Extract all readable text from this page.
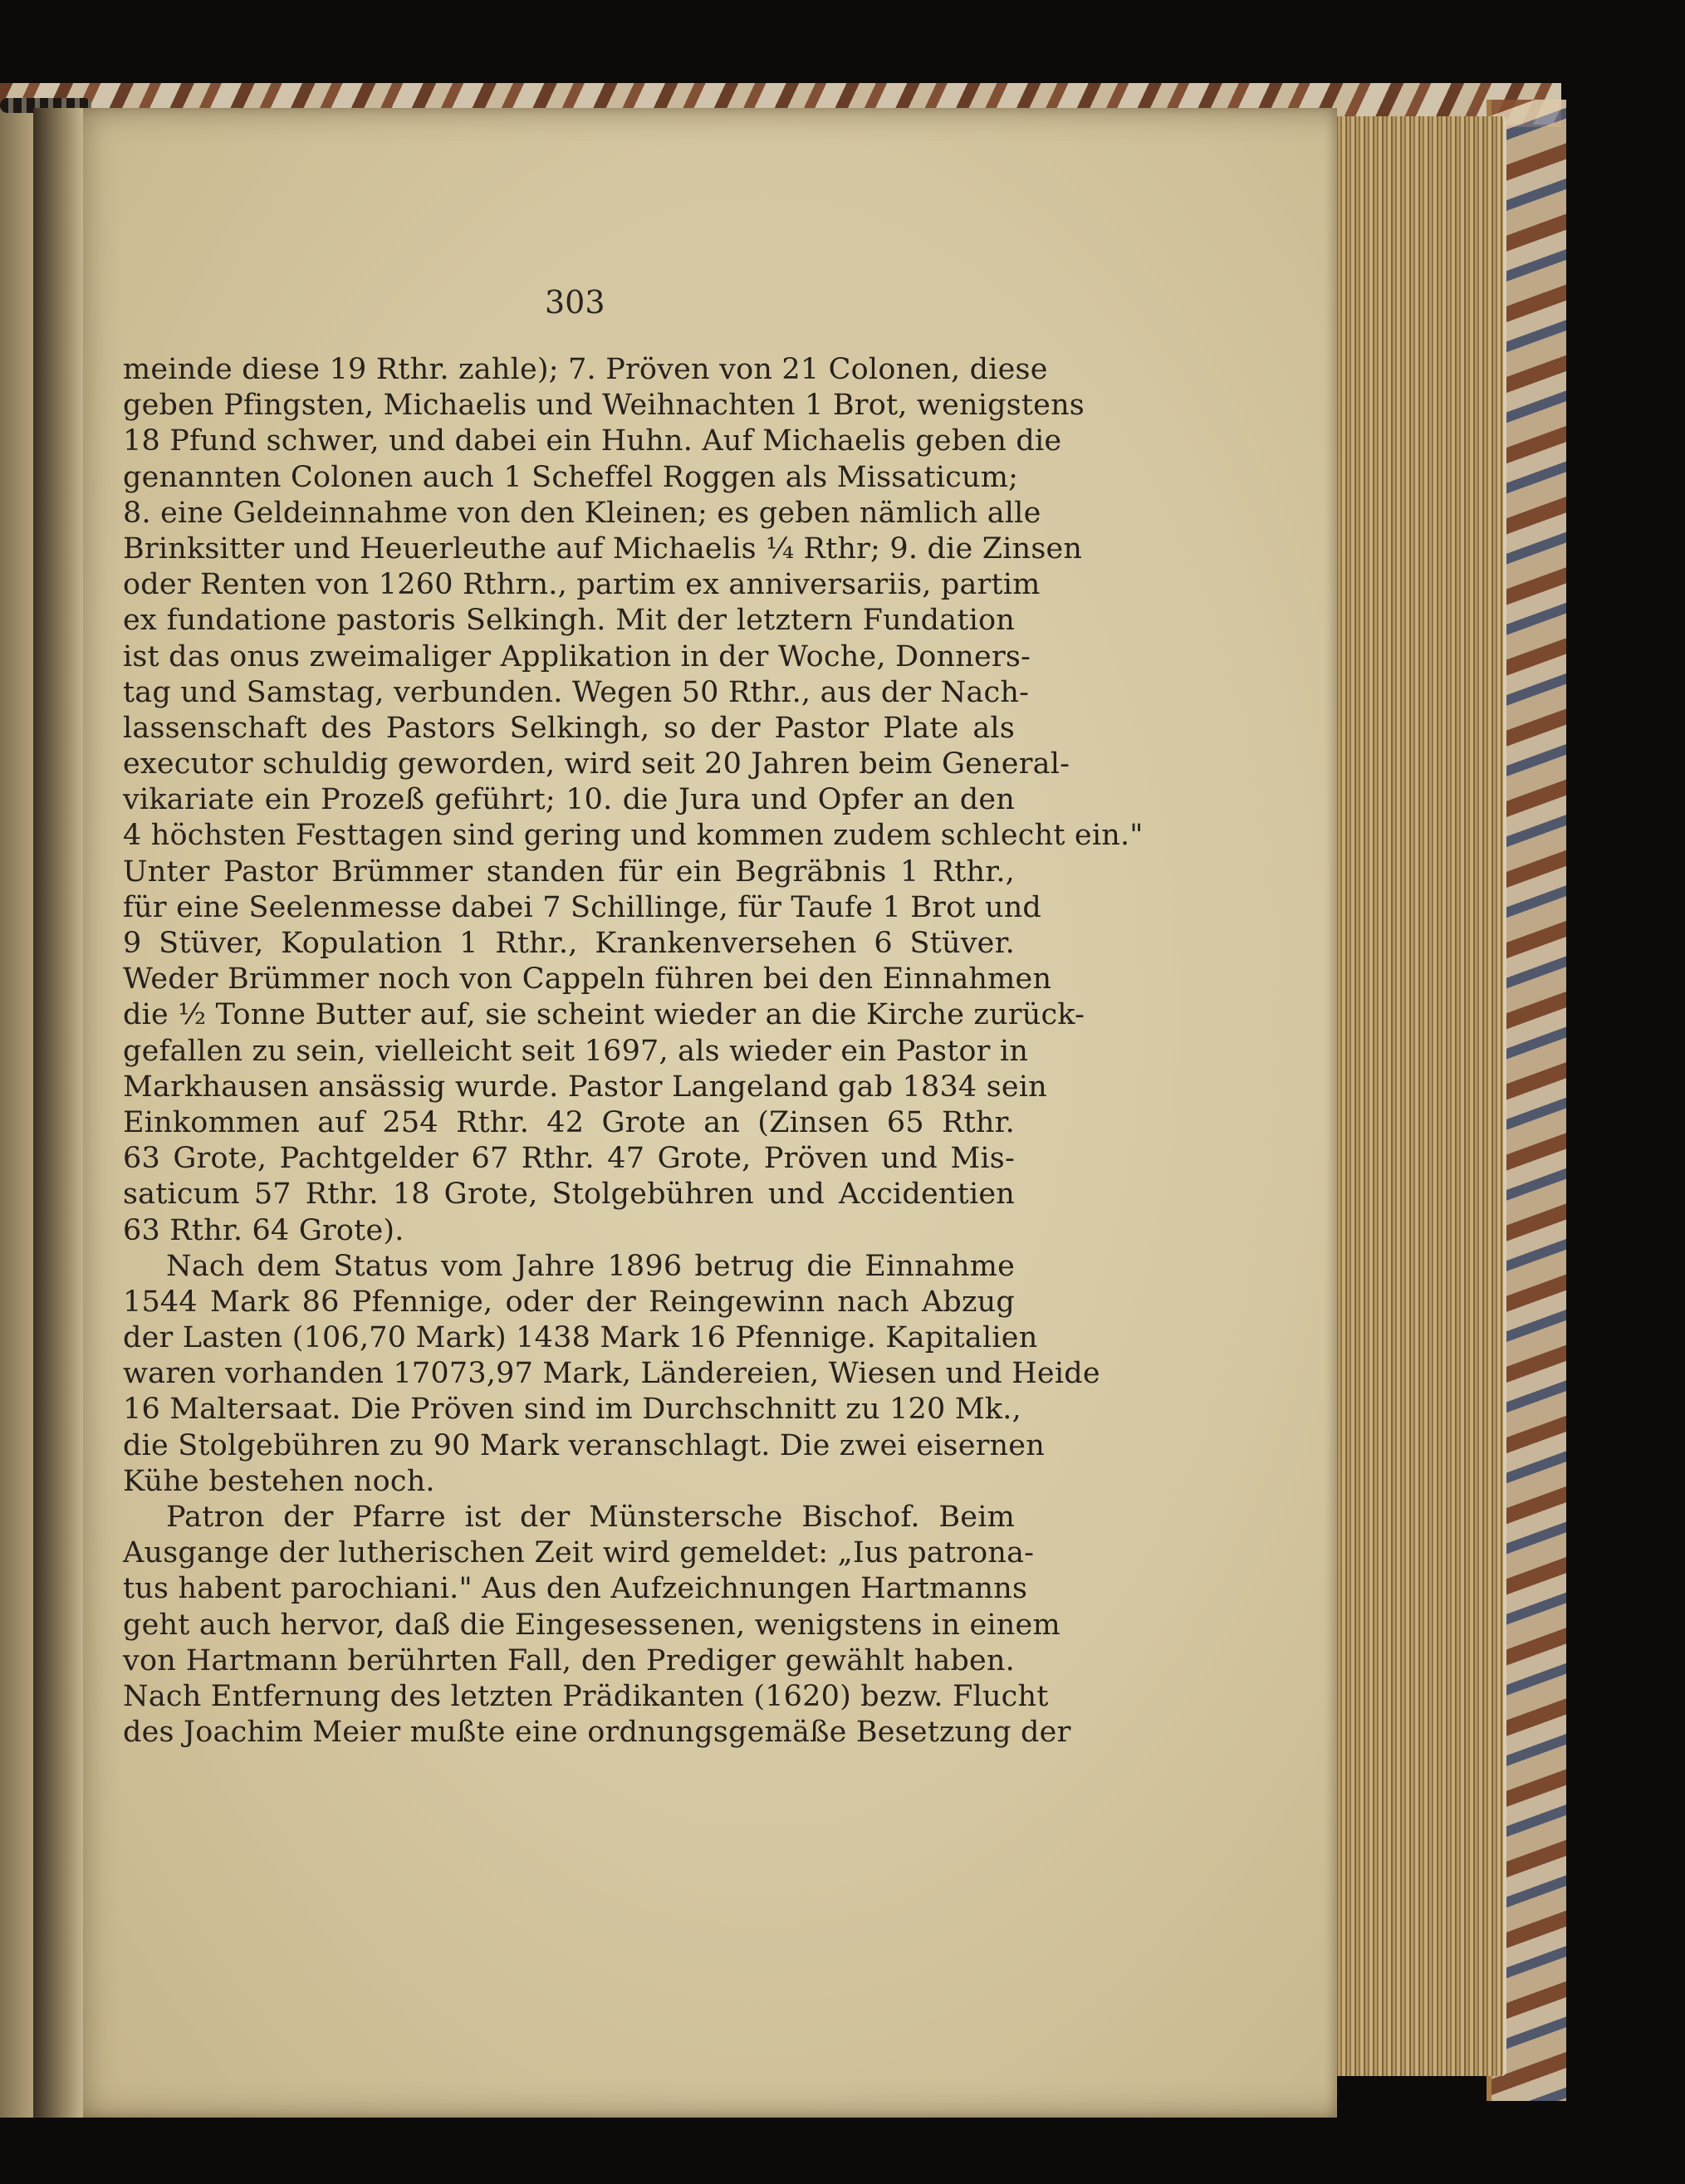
303
meinde diese 19 Rthr. zahle); 7. Pröven von 21 Colonen, diese
geben Pfingsten, Michaelis und Weihnachten 1 Brot, wenigstens
18 Pfund schwer, und dabei ein Huhn. Auf Michaelis geben die
genannten Colonen auch 1 Scheffel Roggen als Missaticum;
8. eine Geldeinnahme von den Kleinen; es geben nämlich alle
Brinksitter und Heuerleuthe auf Michaelis ¼ Rthr; 9. die Zinsen
oder Renten von 1260 Rthrn., partim ex anniversariis, partim
ex fundatione pastoris Selkingh. Mit der letztern Fundation
ist das onus zweimaliger Applikation in der Woche, Donners-
tag und Samstag, verbunden. Wegen 50 Rthr., aus der Nach-
lassenschaft des Pastors Selkingh, so der Pastor Plate als
executor schuldig geworden, wird seit 20 Jahren beim General-
vikariate ein Prozeß geführt; 10. die Jura und Opfer an den
4 höchsten Festtagen sind gering und kommen zudem schlecht ein."
Unter Pastor Brümmer standen für ein Begräbnis 1 Rthr.,
für eine Seelenmesse dabei 7 Schillinge, für Taufe 1 Brot und
9 Stüver, Kopulation 1 Rthr., Krankenversehen 6 Stüver.
Weder Brümmer noch von Cappeln führen bei den Einnahmen
die ½ Tonne Butter auf, sie scheint wieder an die Kirche zurück-
gefallen zu sein, vielleicht seit 1697, als wieder ein Pastor in
Markhausen ansässig wurde. Pastor Langeland gab 1834 sein
Einkommen auf 254 Rthr. 42 Grote an (Zinsen 65 Rthr.
63 Grote, Pachtgelder 67 Rthr. 47 Grote, Pröven und Mis-
saticum 57 Rthr. 18 Grote, Stolgebühren und Accidentien
63 Rthr. 64 Grote).
Nach dem Status vom Jahre 1896 betrug die Einnahme
1544 Mark 86 Pfennige, oder der Reingewinn nach Abzug
der Lasten (106,70 Mark) 1438 Mark 16 Pfennige. Kapitalien
waren vorhanden 17073,97 Mark, Ländereien, Wiesen und Heide
16 Maltersaat. Die Pröven sind im Durchschnitt zu 120 Mk.,
die Stolgebühren zu 90 Mark veranschlagt. Die zwei eisernen
Kühe bestehen noch.
Patron der Pfarre ist der Münstersche Bischof. Beim
Ausgange der lutherischen Zeit wird gemeldet: „Ius patrona-
tus habent parochiani." Aus den Aufzeichnungen Hartmanns
geht auch hervor, daß die Eingesessenen, wenigstens in einem
von Hartmann berührten Fall, den Prediger gewählt haben.
Nach Entfernung des letzten Prädikanten (1620) bezw. Flucht
des Joachim Meier mußte eine ordnungsgemäße Besetzung der
